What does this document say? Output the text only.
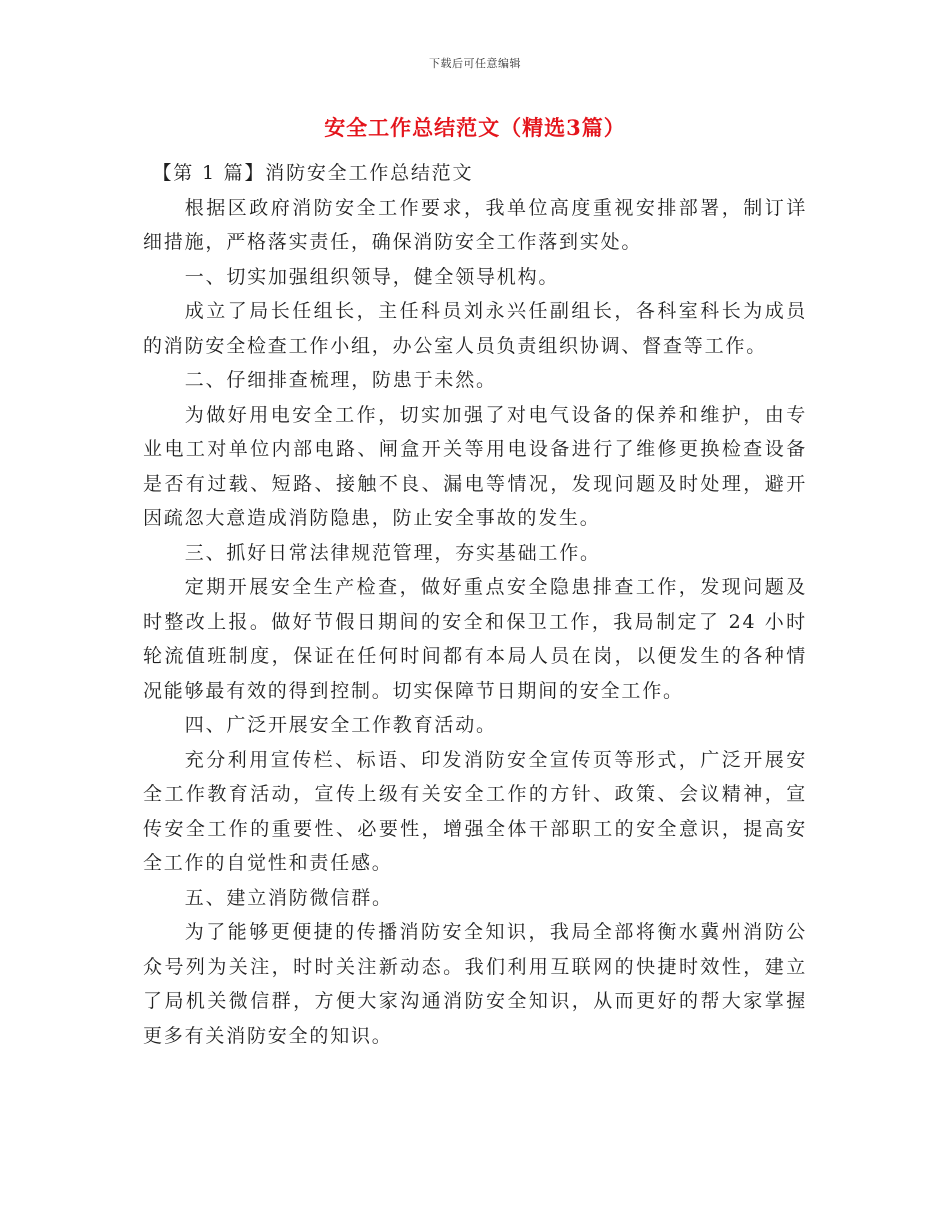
下载后可任意编辑
安全工作总结范文（精选3篇）

【第 1 篇】消防安全工作总结范文

根据区政府消防安全工作要求，我单位高度重视安排部署，制订详细措施，严格落实责任，确保消防安全工作落到实处。

一、切实加强组织领导，健全领导机构。

成立了局长任组长，主任科员刘永兴任副组长，各科室科长为成员的消防安全检查工作小组，办公室人员负责组织协调、督查等工作。

二、仔细排查梳理，防患于未然。

为做好用电安全工作，切实加强了对电气设备的保养和维护，由专业电工对单位内部电路、闸盒开关等用电设备进行了维修更换检查设备是否有过载、短路、接触不良、漏电等情况，发现问题及时处理，避开因疏忽大意造成消防隐患，防止安全事故的发生。

三、抓好日常法律规范管理，夯实基础工作。

定期开展安全生产检查，做好重点安全隐患排查工作，发现问题及时整改上报。做好节假日期间的安全和保卫工作，我局制定了 24 小时轮流值班制度，保证在任何时间都有本局人员在岗，以便发生的各种情况能够最有效的得到控制。切实保障节日期间的安全工作。

四、广泛开展安全工作教育活动。

充分利用宣传栏、标语、印发消防安全宣传页等形式，广泛开展安全工作教育活动，宣传上级有关安全工作的方针、政策、会议精神，宣传安全工作的重要性、必要性，增强全体干部职工的安全意识，提高安全工作的自觉性和责任感。

五、建立消防微信群。

为了能够更便捷的传播消防安全知识，我局全部将衡水冀州消防公众号列为关注，时时关注新动态。我们利用互联网的快捷时效性，建立了局机关微信群，方便大家沟通消防安全知识，从而更好的帮大家掌握更多有关消防安全的知识。
